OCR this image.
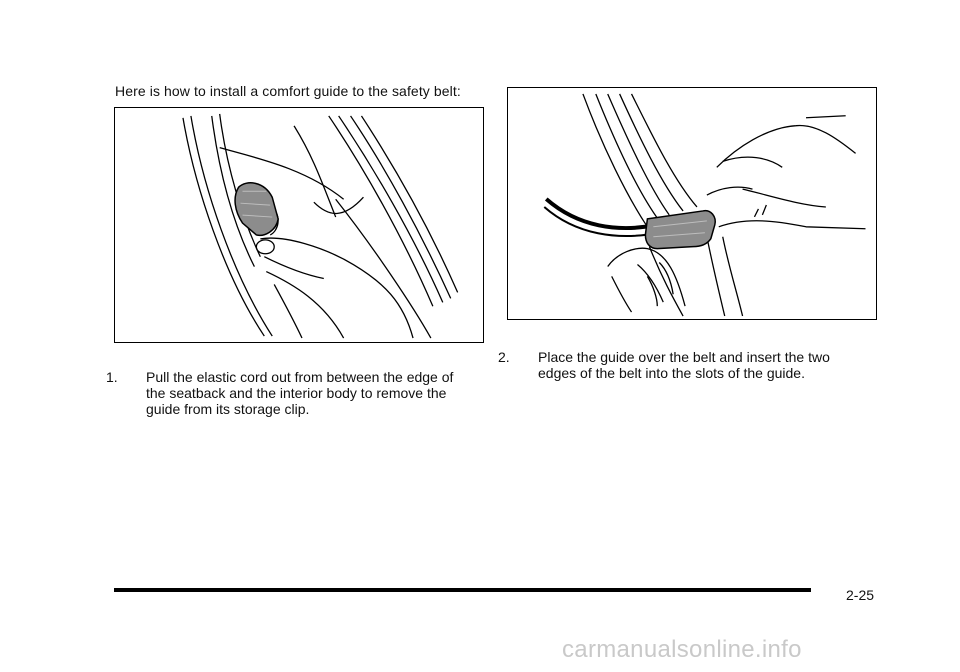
Here is how to install a comfort guide to the safety belt:
1. Pull the elastic cord out from between the edge of the seatback and the interior body to remove the guide from its storage clip.
2. Place the guide over the belt and insert the two edges of the belt into the slots of the guide.
2-25
carmanualsonline.info
